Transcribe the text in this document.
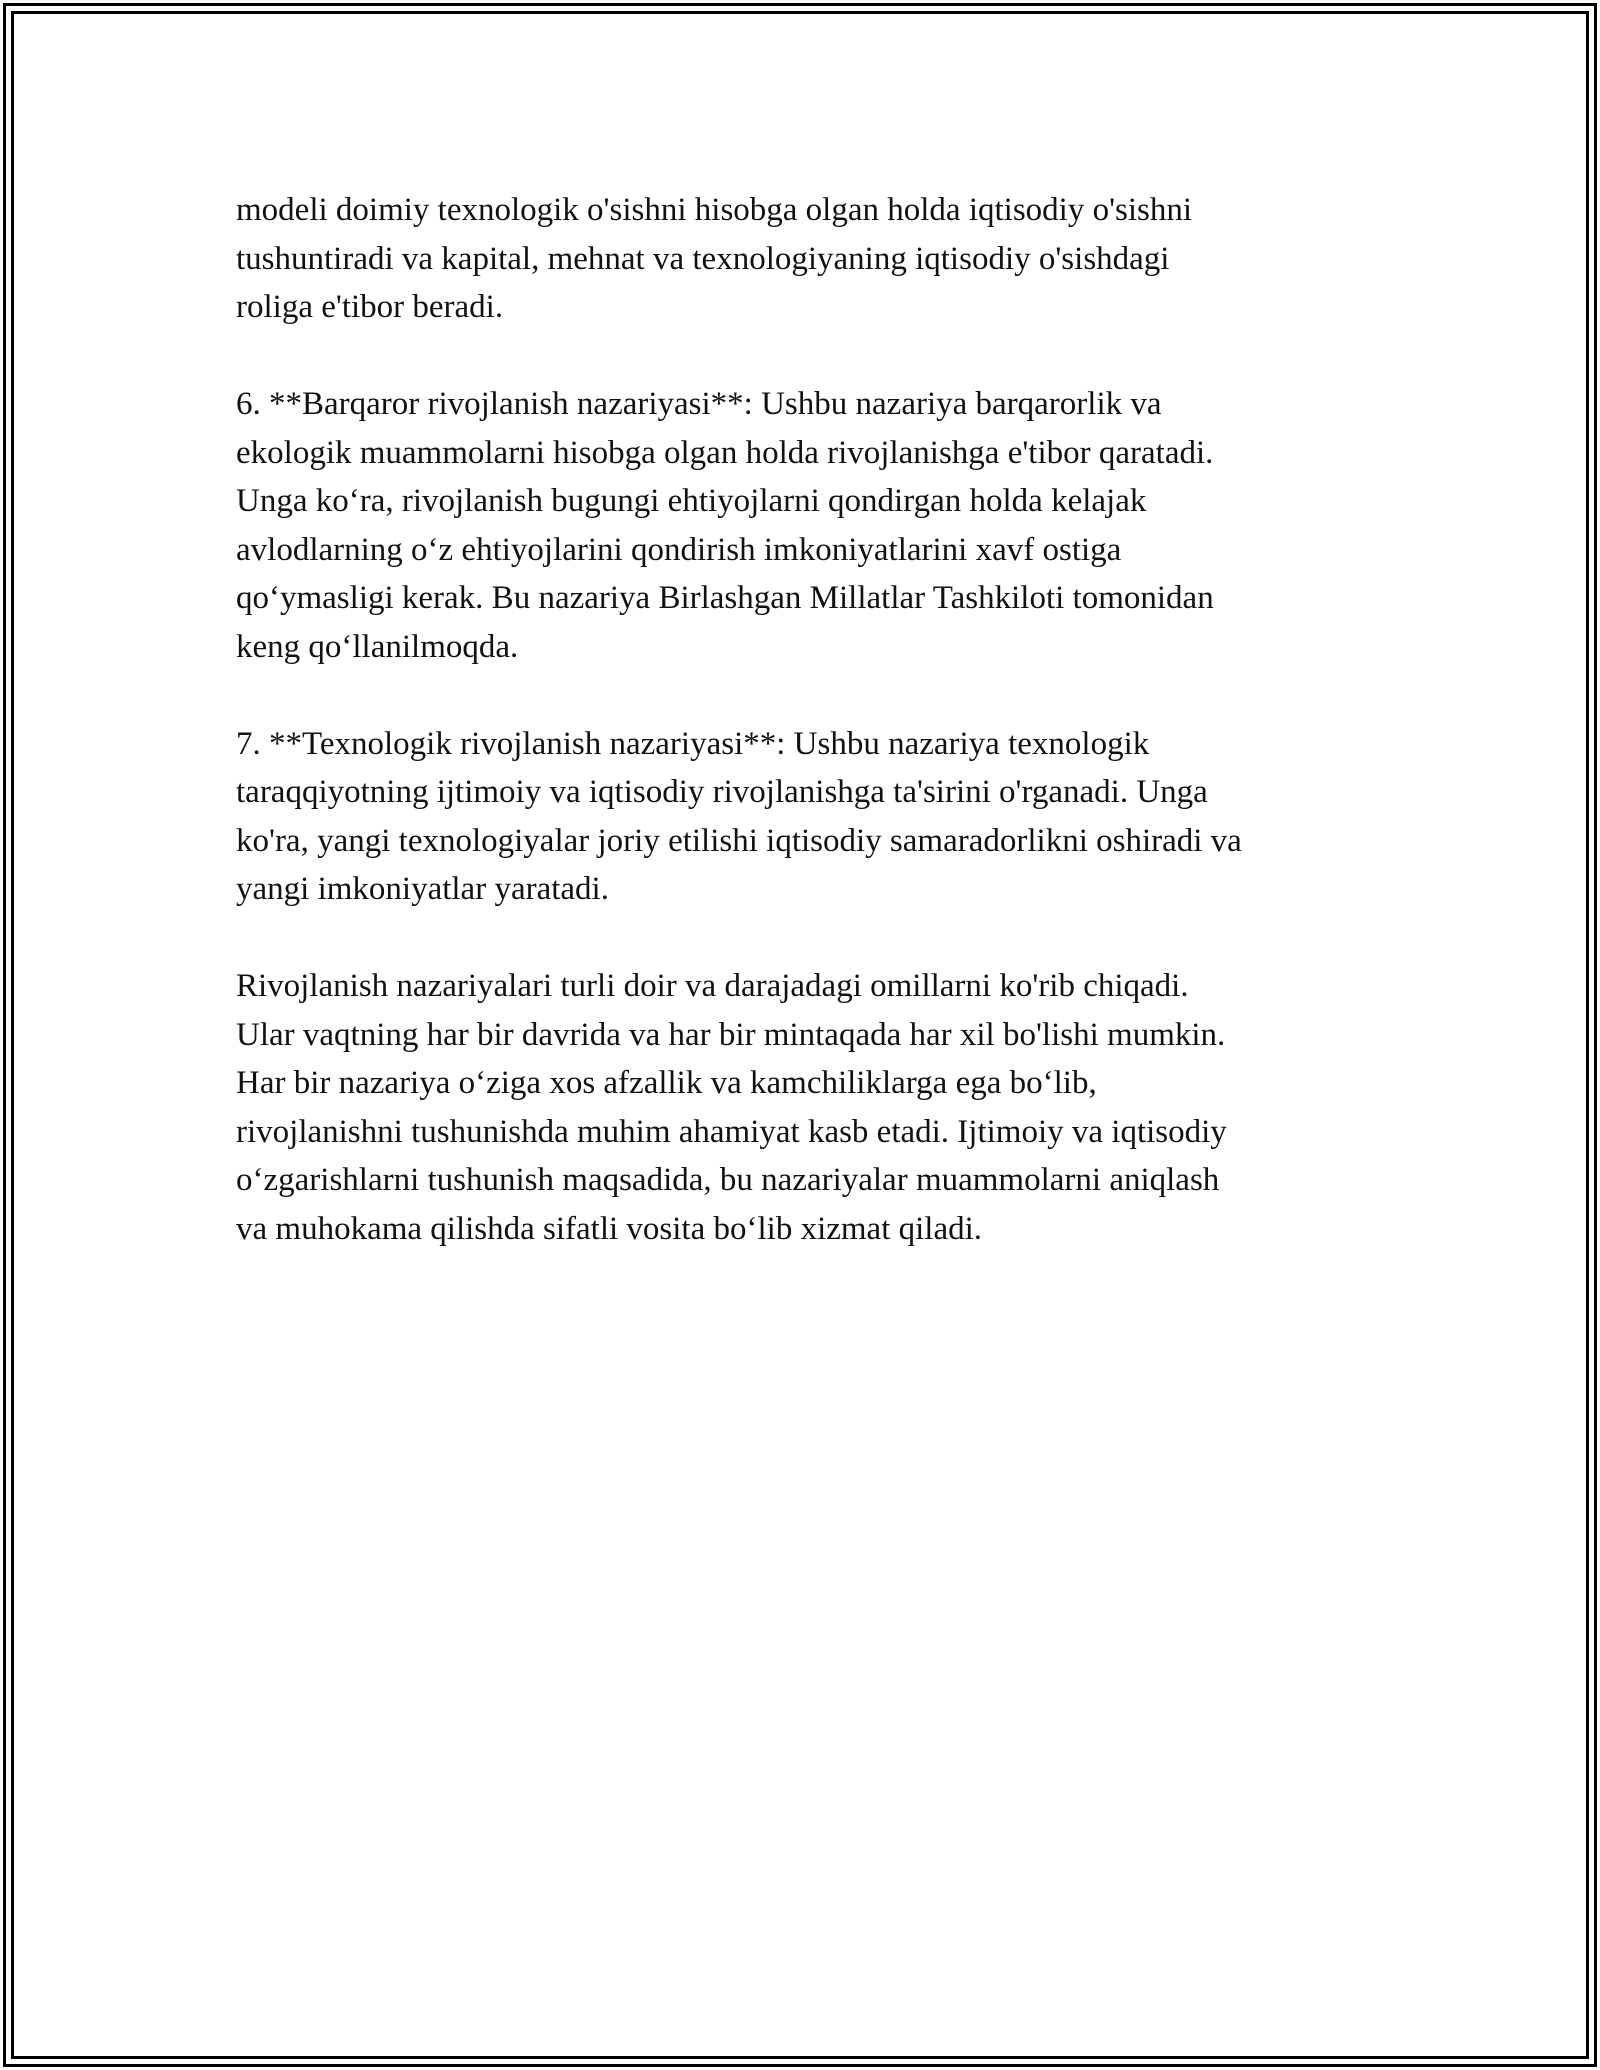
modeli doimiy texnologik o'sishni hisobga olgan holda iqtisodiy o'sishni
tushuntiradi va kapital, mehnat va texnologiyaning iqtisodiy o'sishdagi
roliga e'tibor beradi.

6. **Barqaror rivojlanish nazariyasi**: Ushbu nazariya barqarorlik va
ekologik muammolarni hisobga olgan holda rivojlanishga e'tibor qaratadi.
Unga ko‘ra, rivojlanish bugungi ehtiyojlarni qondirgan holda kelajak
avlodlarning o‘z ehtiyojlarini qondirish imkoniyatlarini xavf ostiga
qo‘ymasligi kerak. Bu nazariya Birlashgan Millatlar Tashkiloti tomonidan
keng qo‘llanilmoqda.

7. **Texnologik rivojlanish nazariyasi**: Ushbu nazariya texnologik
taraqqiyotning ijtimoiy va iqtisodiy rivojlanishga ta'sirini o'rganadi. Unga
ko'ra, yangi texnologiyalar joriy etilishi iqtisodiy samaradorlikni oshiradi va
yangi imkoniyatlar yaratadi.

Rivojlanish nazariyalari turli doir va darajadagi omillarni ko'rib chiqadi.
Ular vaqtning har bir davrida va har bir mintaqada har xil bo'lishi mumkin.
Har bir nazariya o‘ziga xos afzallik va kamchiliklarga ega bo‘lib,
rivojlanishni tushunishda muhim ahamiyat kasb etadi. Ijtimoiy va iqtisodiy
o‘zgarishlarni tushunish maqsadida, bu nazariyalar muammolarni aniqlash
va muhokama qilishda sifatli vosita bo‘lib xizmat qiladi.
